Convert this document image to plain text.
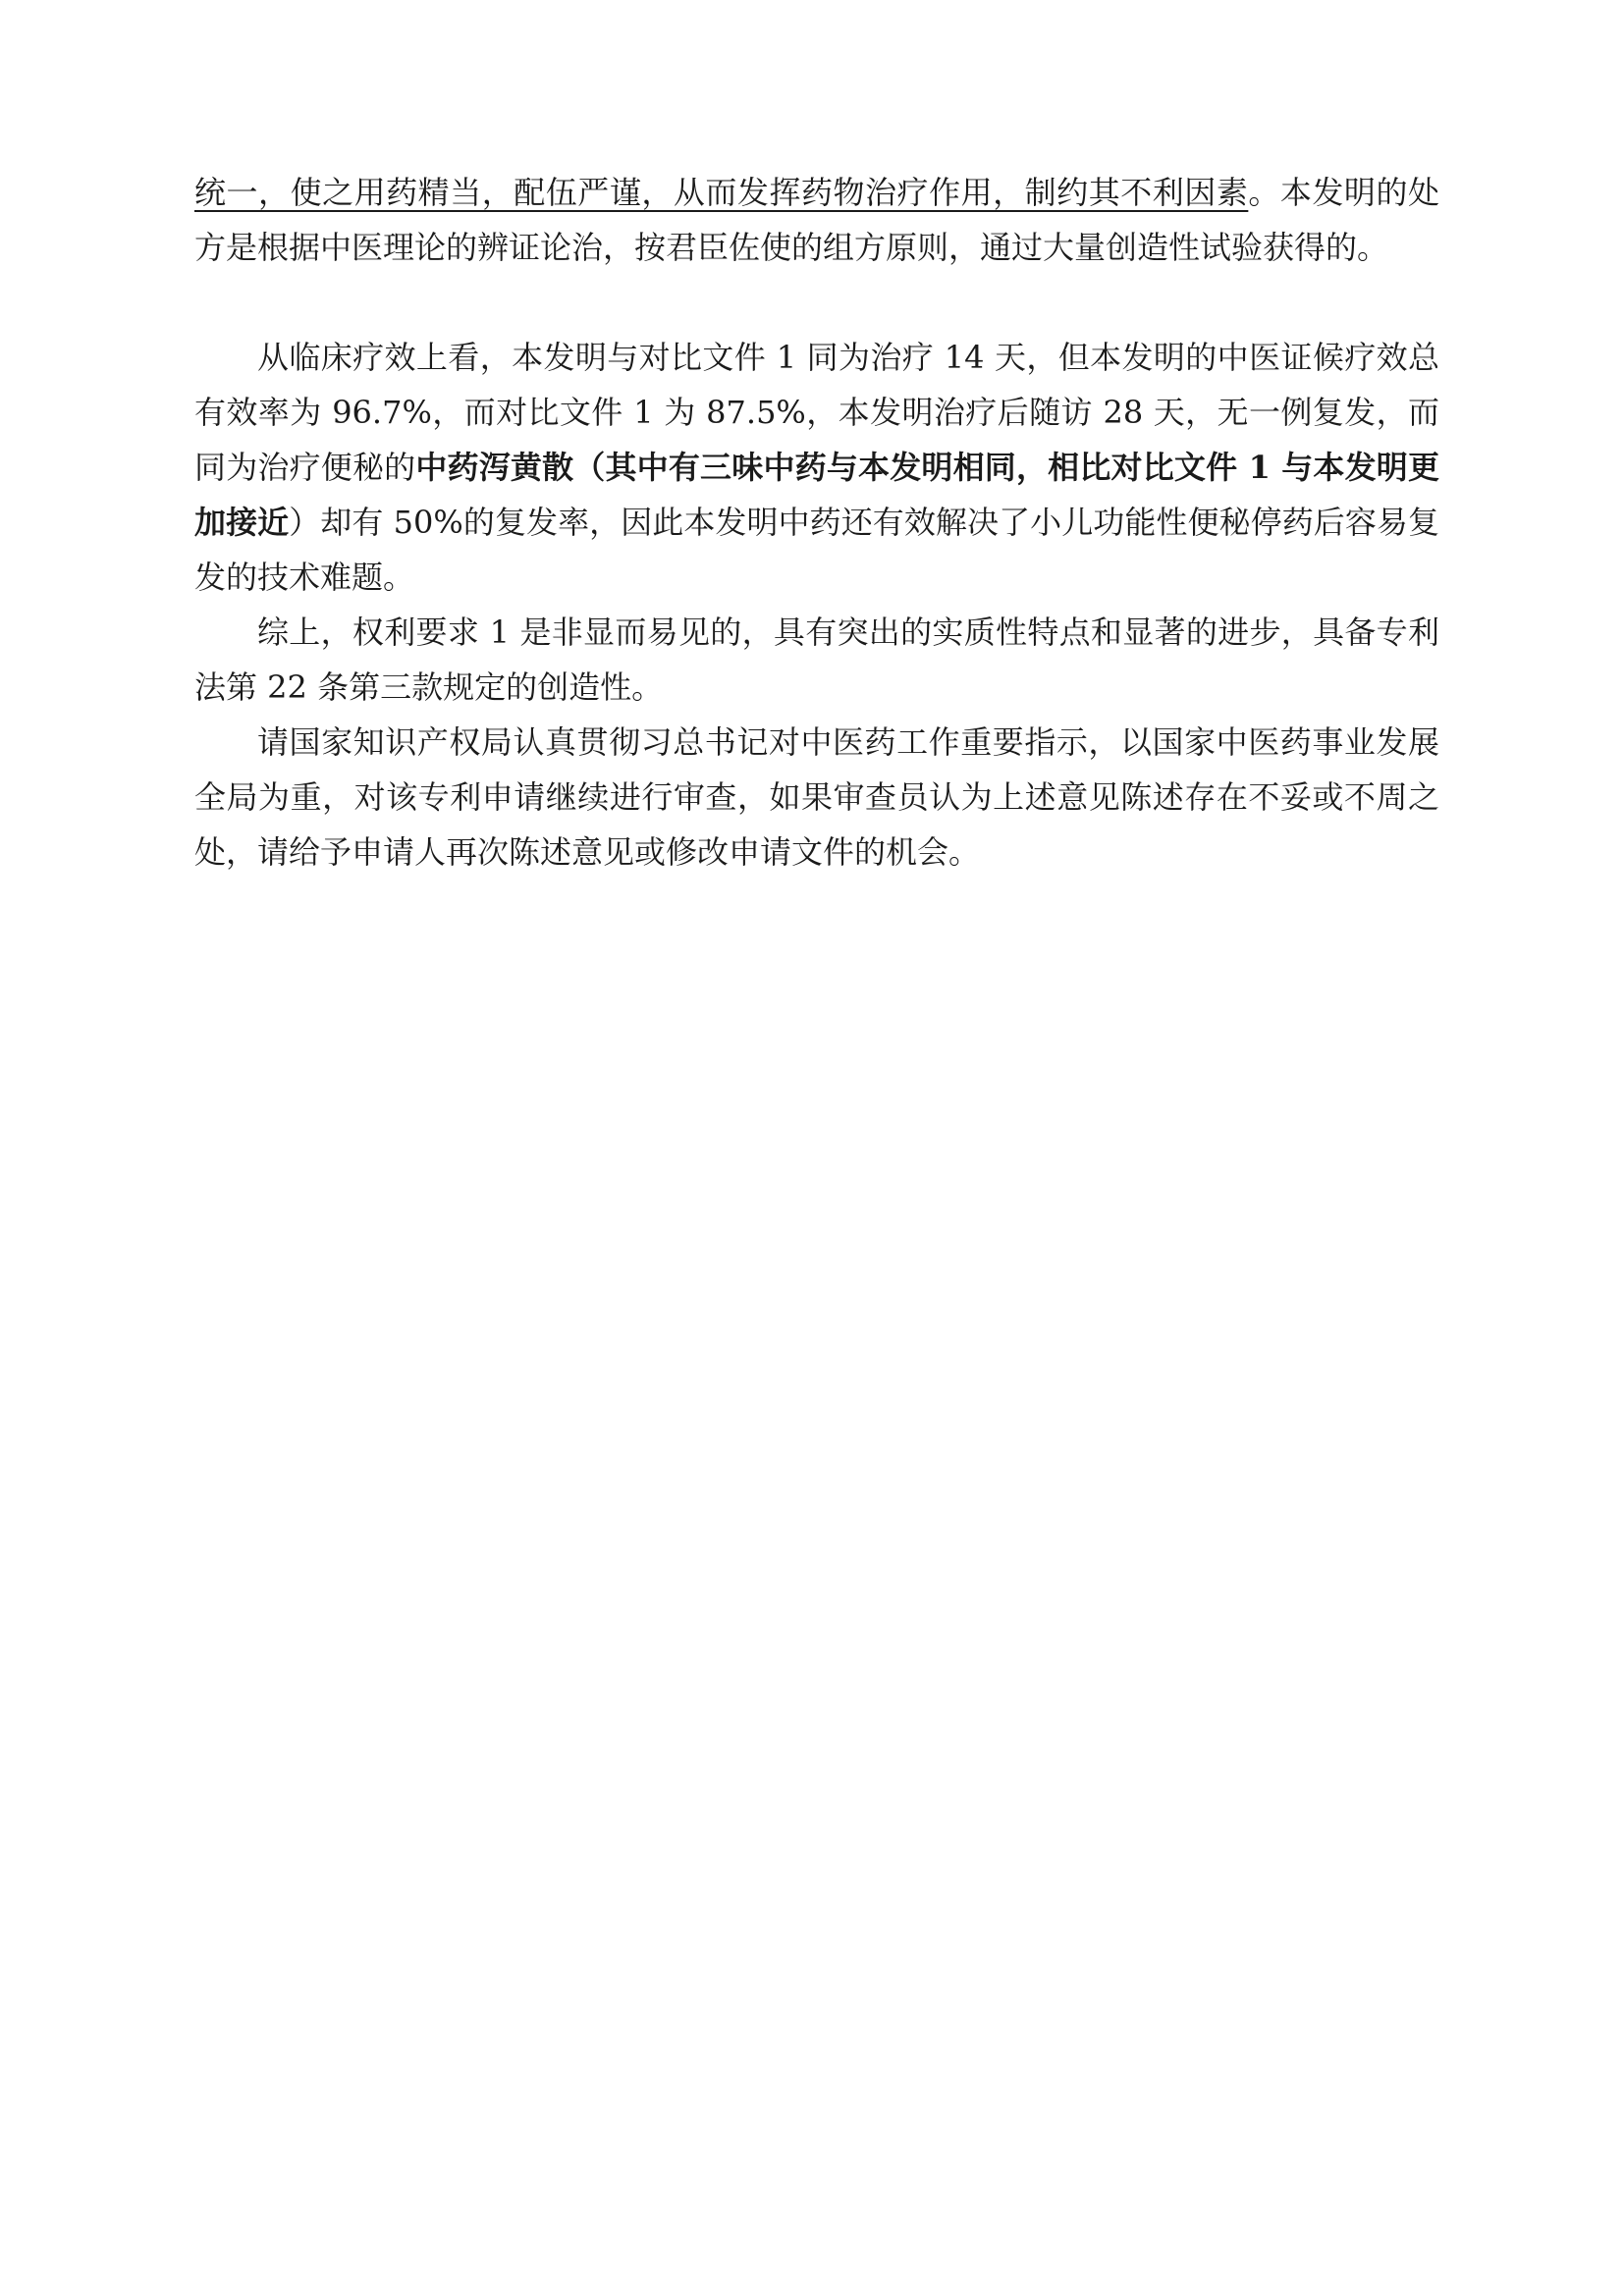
统一，使之用药精当，配伍严谨，从而发挥药物治疗作用，制约其不利因素。本发明的处方是根据中医理论的辨证论治，按君臣佐使的组方原则，通过大量创造性试验获得的。

从临床疗效上看，本发明与对比文件 1 同为治疗 14 天，但本发明的中医证候疗效总有效率为 96.7%，而对比文件 1 为 87.5%，本发明治疗后随访 28 天，无一例复发，而同为治疗便秘的中药泻黄散（其中有三味中药与本发明相同，相比对比文件 1 与本发明更加接近）却有 50%的复发率，因此本发明中药还有效解决了小儿功能性便秘停药后容易复发的技术难题。

综上，权利要求 1 是非显而易见的，具有突出的实质性特点和显著的进步，具备专利法第 22 条第三款规定的创造性。

请国家知识产权局认真贯彻习总书记对中医药工作重要指示，以国家中医药事业发展全局为重，对该专利申请继续进行审查，如果审查员认为上述意见陈述存在不妥或不周之处，请给予申请人再次陈述意见或修改申请文件的机会。
